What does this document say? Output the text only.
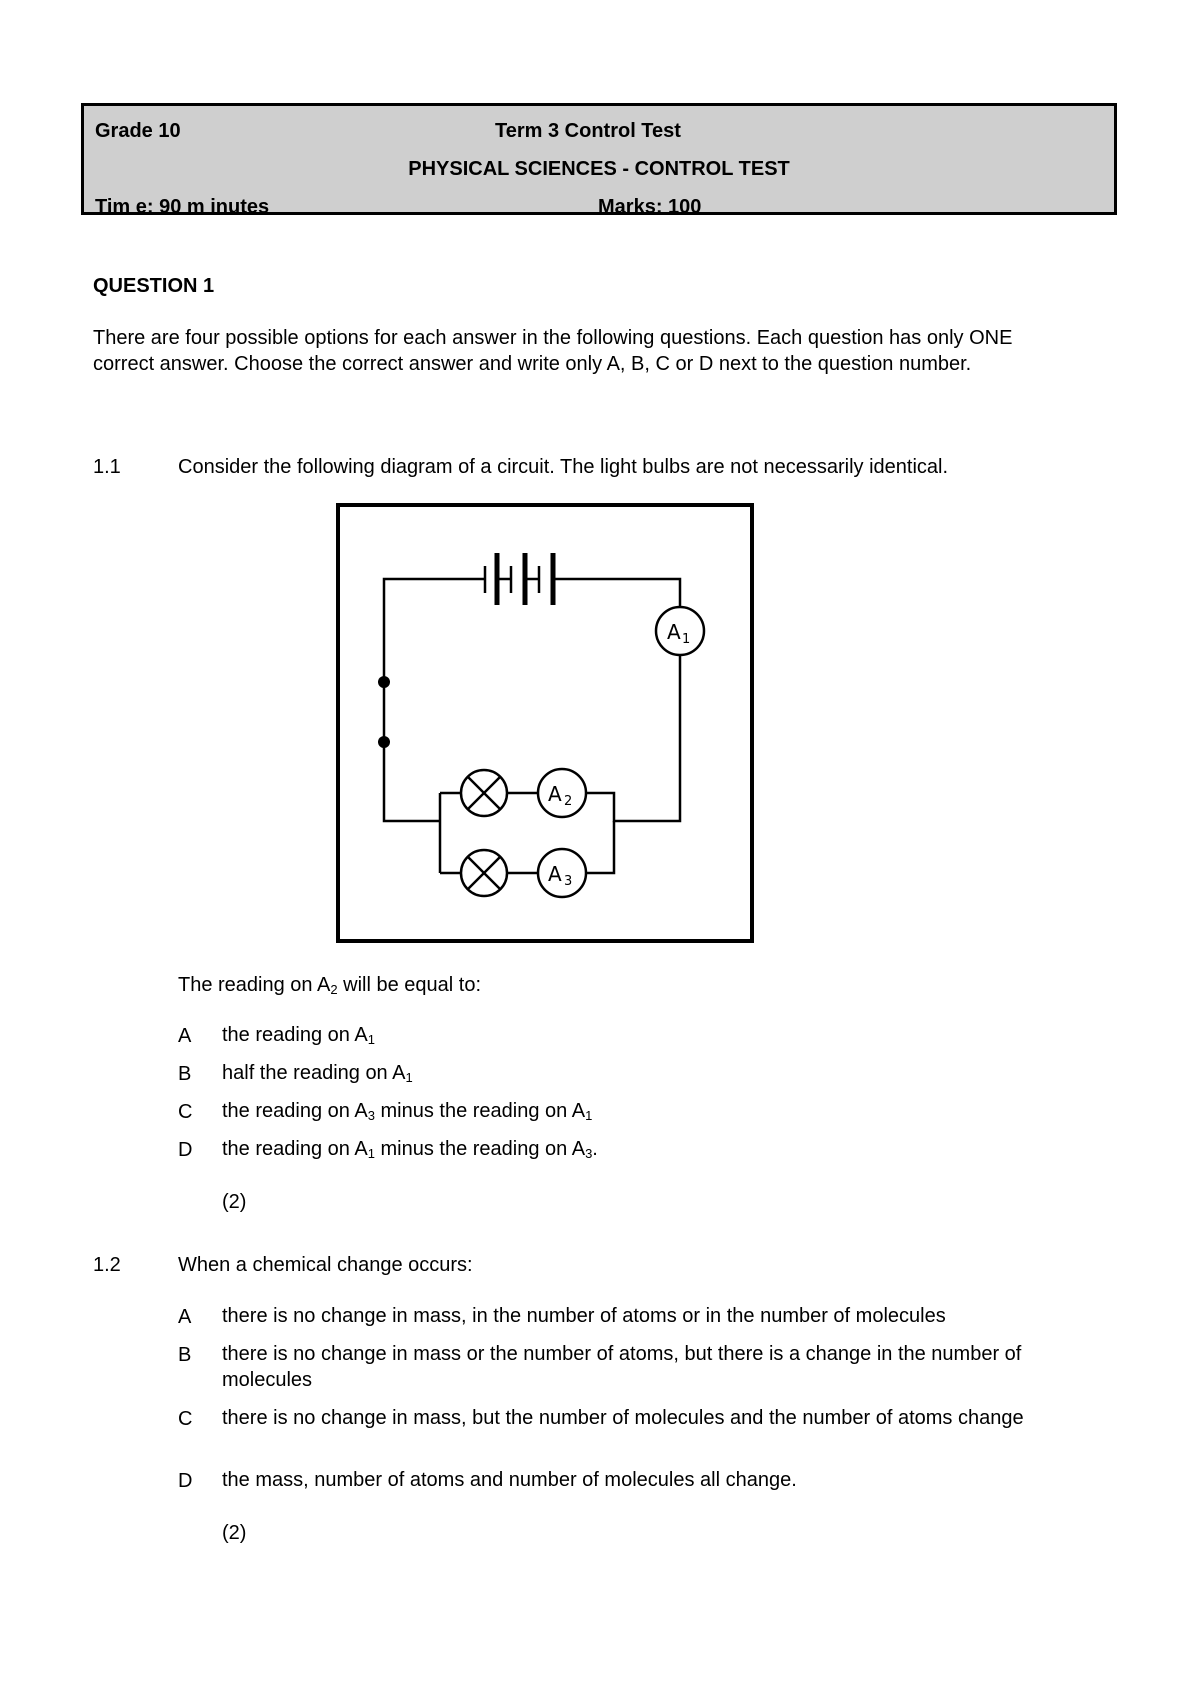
Grade 10	Term 3 Control Test
PHYSICAL SCIENCES - CONTROL TEST
Tim e: 90 m inutes	Marks: 100
QUESTION 1
There are four possible options for each answer in the following questions. Each question has only ONE correct answer. Choose the correct answer and write only A, B, C or D next to the question number.
1.1	Consider the following diagram of a circuit. The light bulbs are not necessarily identical.
A 1
A 2
A 3
The reading on $A_2$ will be equal to:
A the reading on $A_1$
B half the reading on $A_1$
C the reading on $A_3$ minus the reading on $A_1$
D the reading on $A_1$ minus the reading on $A_3$.
(2)
1.2	When a chemical change occurs:
A there is no change in mass, in the number of atoms or in the number of molecules
B there is no change in mass or the number of atoms, but there is a change in the number of molecules
C there is no change in mass, but the number of molecules and the number of atoms change
D the mass, number of atoms and number of molecules all change.
(2)
